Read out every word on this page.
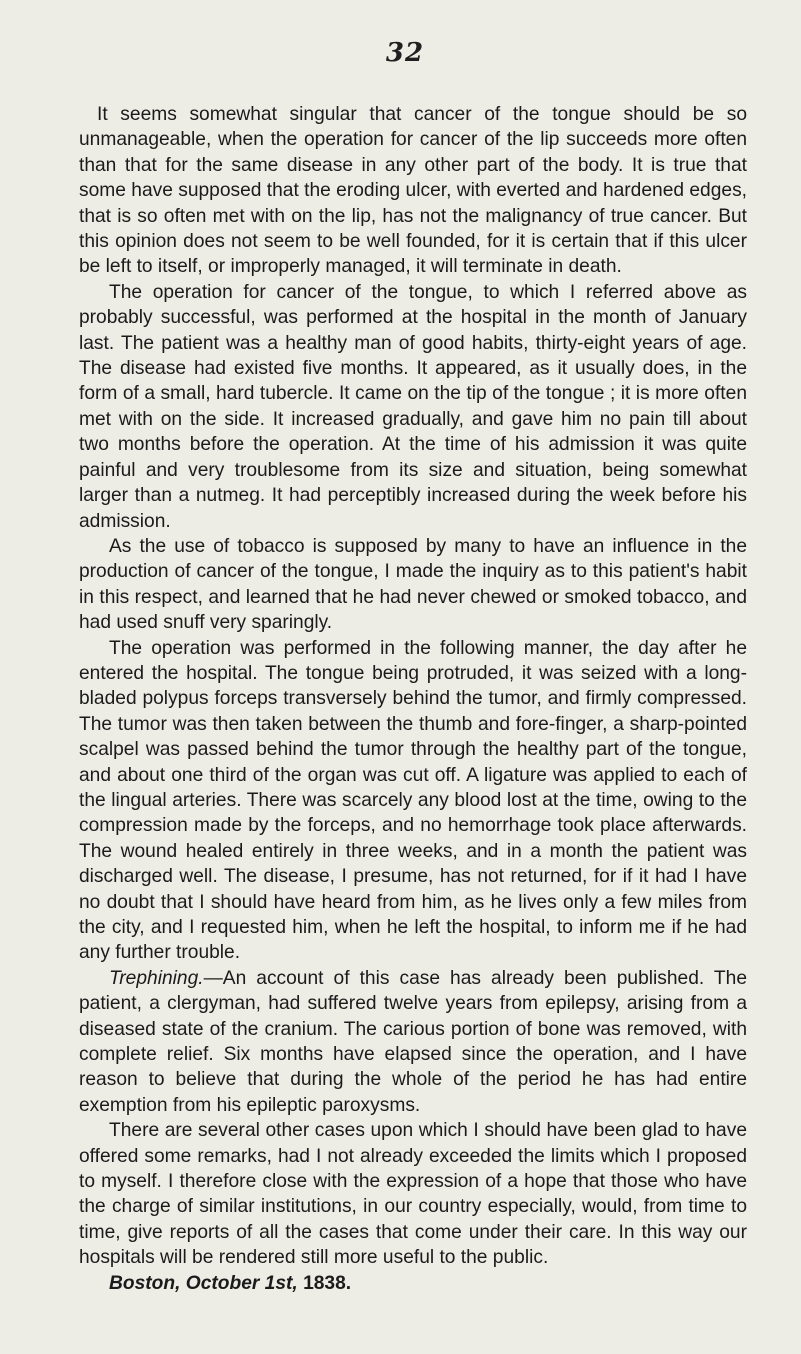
32

It seems somewhat singular that cancer of the tongue should be so unmanageable, when the operation for cancer of the lip succeeds more often than that for the same disease in any other part of the body. It is true that some have supposed that the eroding ulcer, with everted and hardened edges, that is so often met with on the lip, has not the malignancy of true cancer. But this opinion does not seem to be well founded, for it is certain that if this ulcer be left to itself, or improperly managed, it will terminate in death.

The operation for cancer of the tongue, to which I referred above as probably successful, was performed at the hospital in the month of January last. The patient was a healthy man of good habits, thirty-eight years of age. The disease had existed five months. It appeared, as it usually does, in the form of a small, hard tubercle. It came on the tip of the tongue ; it is more often met with on the side. It increased gradually, and gave him no pain till about two months before the operation. At the time of his admission it was quite painful and very troublesome from its size and situation, being somewhat larger than a nutmeg. It had perceptibly increased during the week before his admission.

As the use of tobacco is supposed by many to have an influence in the production of cancer of the tongue, I made the inquiry as to this patient's habit in this respect, and learned that he had never chewed or smoked tobacco, and had used snuff very sparingly.

The operation was performed in the following manner, the day after he entered the hospital. The tongue being protruded, it was seized with a long-bladed polypus forceps transversely behind the tumor, and firmly compressed. The tumor was then taken between the thumb and fore-finger, a sharp-pointed scalpel was passed behind the tumor through the healthy part of the tongue, and about one third of the organ was cut off. A ligature was applied to each of the lingual arteries. There was scarcely any blood lost at the time, owing to the compression made by the forceps, and no hemorrhage took place afterwards. The wound healed entirely in three weeks, and in a month the patient was discharged well. The disease, I presume, has not returned, for if it had I have no doubt that I should have heard from him, as he lives only a few miles from the city, and I requested him, when he left the hospital, to inform me if he had any further trouble.

Trephining.—An account of this case has already been published. The patient, a clergyman, had suffered twelve years from epilepsy, arising from a diseased state of the cranium. The carious portion of bone was removed, with complete relief. Six months have elapsed since the operation, and I have reason to believe that during the whole of the period he has had entire exemption from his epileptic paroxysms.

There are several other cases upon which I should have been glad to have offered some remarks, had I not already exceeded the limits which I proposed to myself. I therefore close with the expression of a hope that those who have the charge of similar institutions, in our country especially, would, from time to time, give reports of all the cases that come under their care. In this way our hospitals will be rendered still more useful to the public.

Boston, October 1st, 1838.
